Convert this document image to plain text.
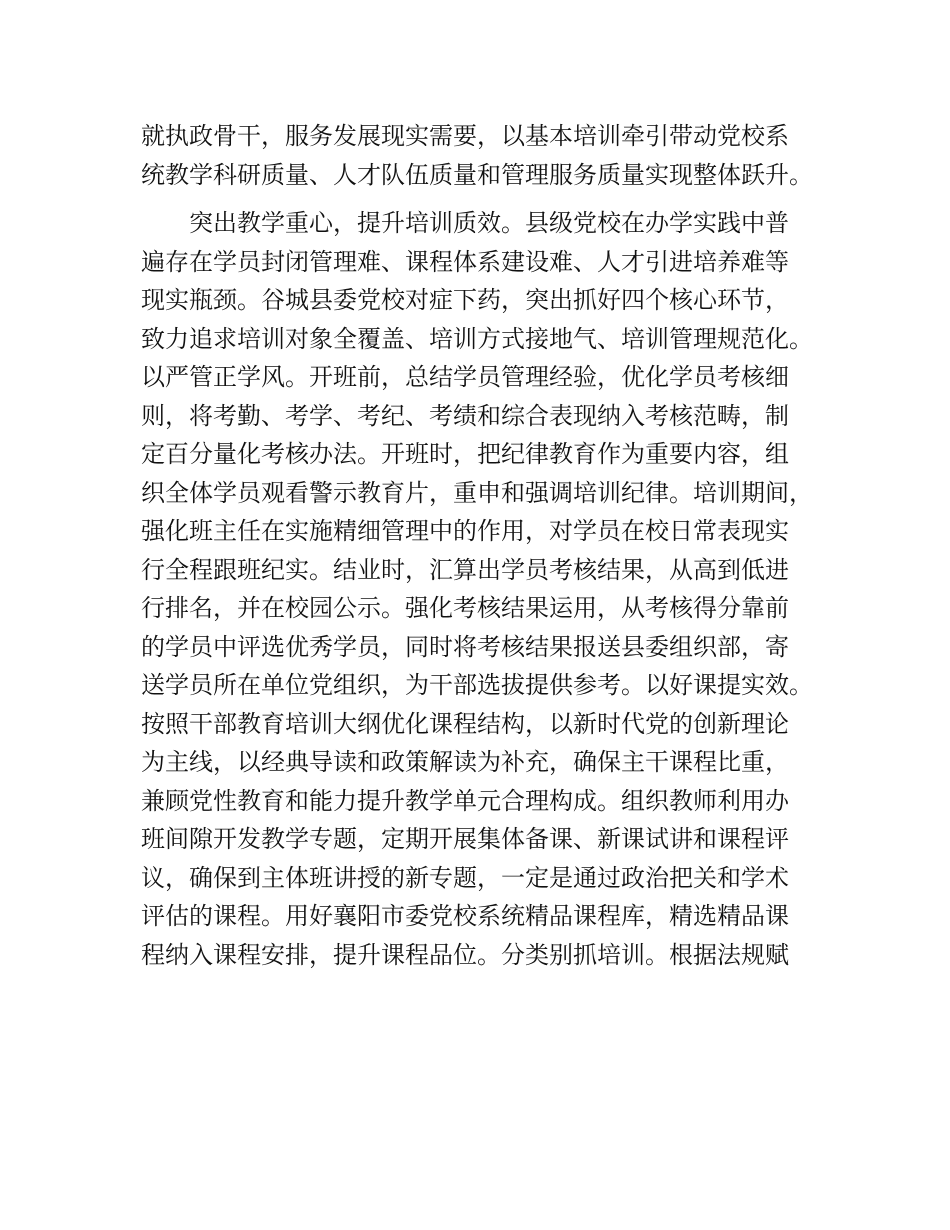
就执政骨干，服务发展现实需要，以基本培训牵引带动党校系
统教学科研质量、人才队伍质量和管理服务质量实现整体跃升。
突出教学重心，提升培训质效。县级党校在办学实践中普
遍存在学员封闭管理难、课程体系建设难、人才引进培养难等
现实瓶颈。谷城县委党校对症下药，突出抓好四个核心环节，
致力追求培训对象全覆盖、培训方式接地气、培训管理规范化。
以严管正学风。开班前，总结学员管理经验，优化学员考核细
则，将考勤、考学、考纪、考绩和综合表现纳入考核范畴，制
定百分量化考核办法。开班时，把纪律教育作为重要内容，组
织全体学员观看警示教育片，重申和强调培训纪律。培训期间，
强化班主任在实施精细管理中的作用，对学员在校日常表现实
行全程跟班纪实。结业时，汇算出学员考核结果，从高到低进
行排名，并在校园公示。强化考核结果运用，从考核得分靠前
的学员中评选优秀学员，同时将考核结果报送县委组织部，寄
送学员所在单位党组织，为干部选拔提供参考。以好课提实效。
按照干部教育培训大纲优化课程结构，以新时代党的创新理论
为主线，以经典导读和政策解读为补充，确保主干课程比重，
兼顾党性教育和能力提升教学单元合理构成。组织教师利用办
班间隙开发教学专题，定期开展集体备课、新课试讲和课程评
议，确保到主体班讲授的新专题，一定是通过政治把关和学术
评估的课程。用好襄阳市委党校系统精品课程库，精选精品课
程纳入课程安排，提升课程品位。分类别抓培训。根据法规赋
